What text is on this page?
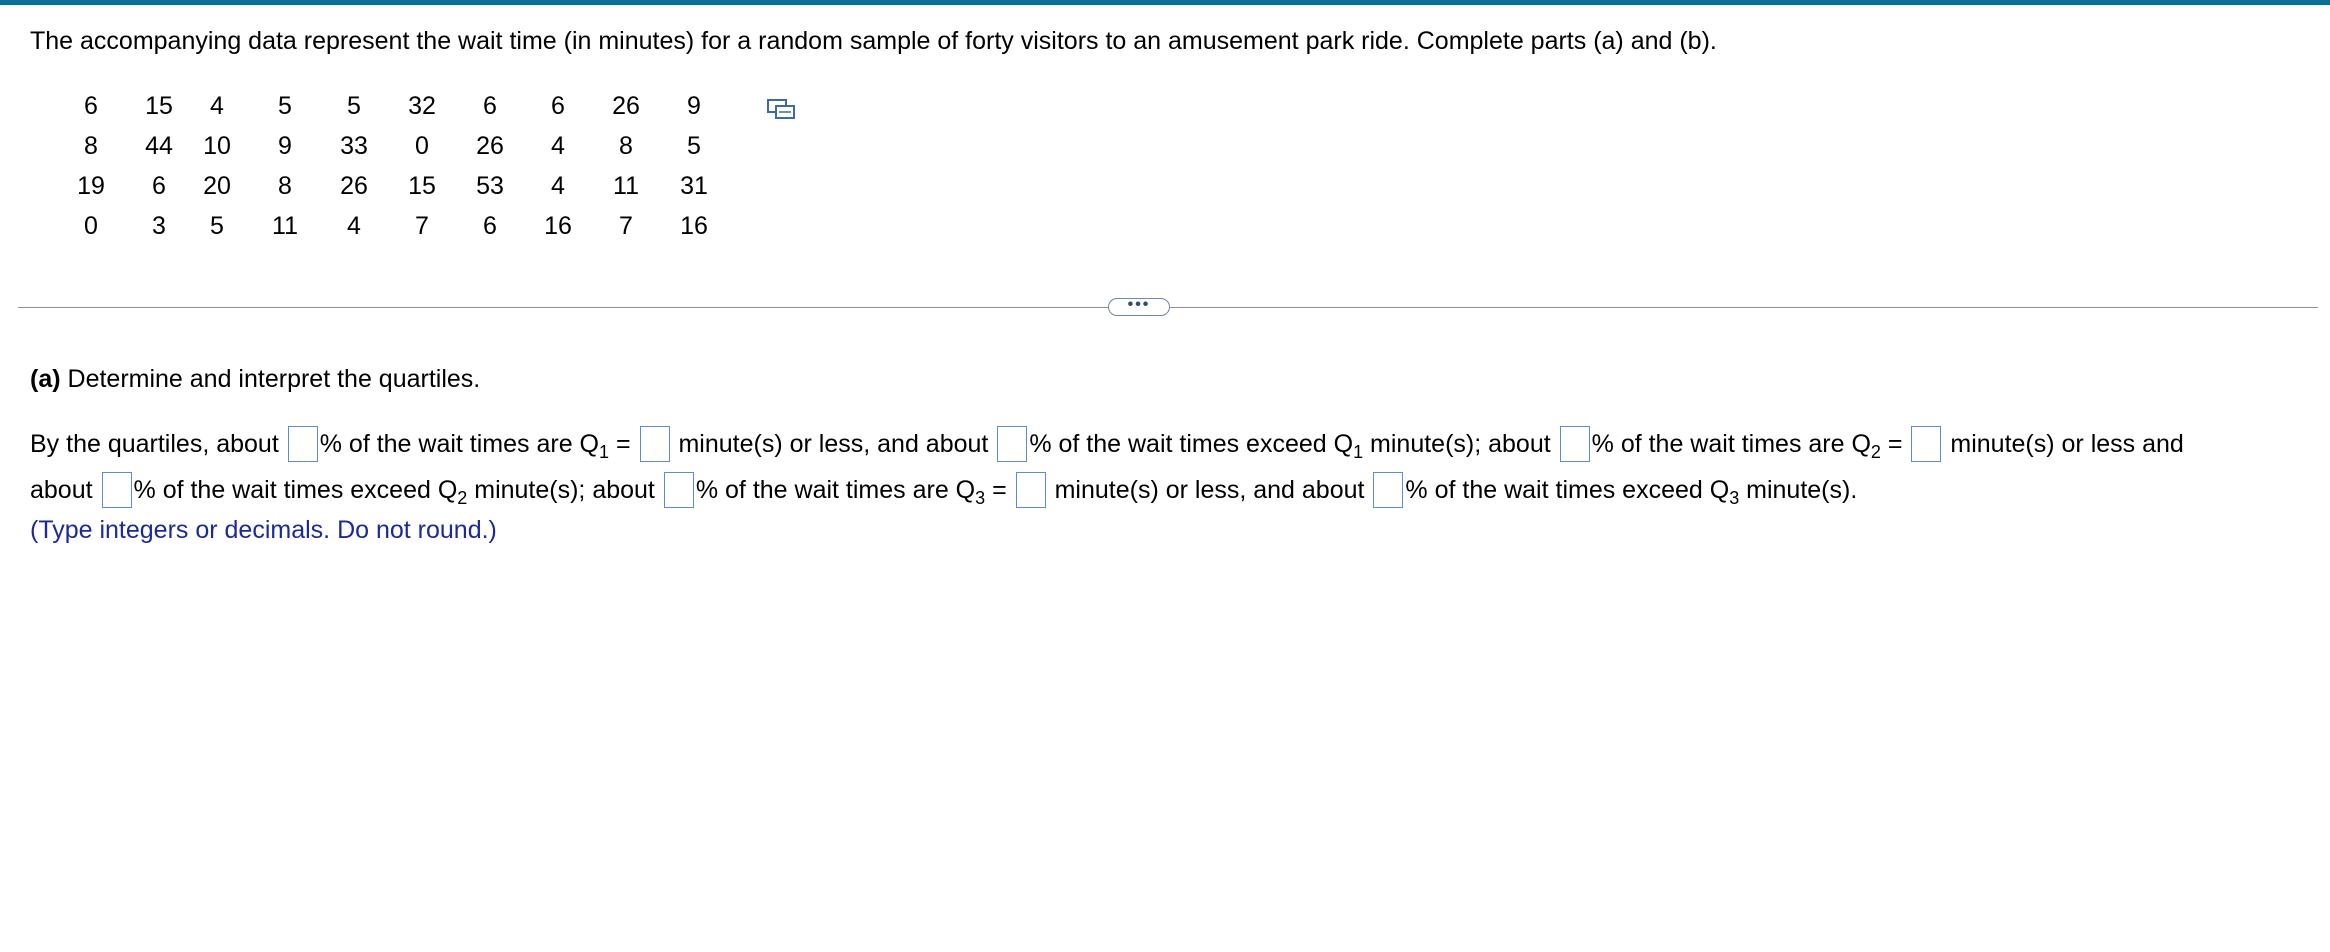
The accompanying data represent the wait time (in minutes) for a random sample of forty visitors to an amusement park ride. Complete parts (a) and (b).
6	15	4	5	5	32	6	6	26	9
8	44	10	9	33	0	26	4	8	5
19	6	20	8	26	15	53	4	11	31
0	3	5	11	4	7	6	16	7	16
•••
(a) Determine and interpret the quartiles.
By the quartiles, about % of the wait times are $Q_1$ =  minute(s) or less, and about % of the wait times exceed $Q_1$ minute(s); about % of the wait times are $Q_2$ =  minute(s) or less and
about % of the wait times exceed $Q_2$ minute(s); about % of the wait times are $Q_3$ =  minute(s) or less, and about % of the wait times exceed $Q_3$ minute(s).
(Type integers or decimals. Do not round.)
